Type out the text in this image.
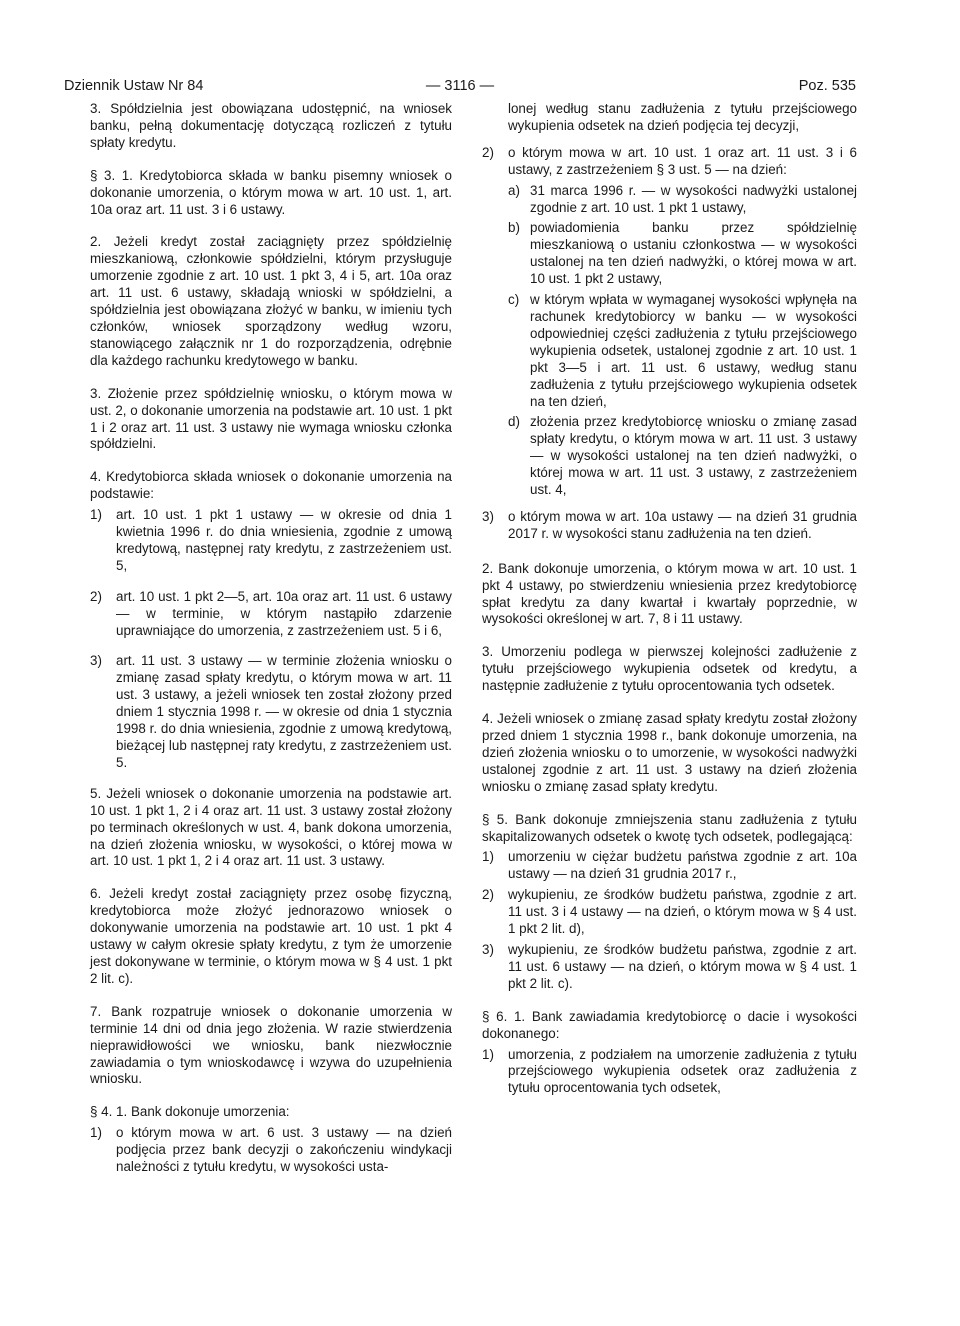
Dziennik Ustaw Nr 84	— 3116 —	Poz. 535

3. Spółdzielnia jest obowiązana udostępnić, na wniosek banku, pełną dokumentację dotyczącą rozliczeń z tytułu spłaty kredytu.

§ 3. 1. Kredytobiorca składa w banku pisemny wniosek o dokonanie umorzenia, o którym mowa w art. 10 ust. 1, art. 10a oraz art. 11 ust. 3 i 6 ustawy.

2. Jeżeli kredyt został zaciągnięty przez spółdzielnię mieszkaniową, członkowie spółdzielni, którym przysługuje umorzenie zgodnie z art. 10 ust. 1 pkt 3, 4 i 5, art. 10a oraz art. 11 ust. 6 ustawy, składają wnioski w spółdzielni, a spółdzielnia jest obowiązana złożyć w banku, w imieniu tych członków, wniosek sporządzony według wzoru, stanowiącego załącznik nr 1 do rozporządzenia, odrębnie dla każdego rachunku kredytowego w banku.

3. Złożenie przez spółdzielnię wniosku, o którym mowa w ust. 2, o dokonanie umorzenia na podstawie art. 10 ust. 1 pkt 1 i 2 oraz art. 11 ust. 3 ustawy nie wymaga wniosku członka spółdzielni.

4. Kredytobiorca składa wniosek o dokonanie umorzenia na podstawie:

1) art. 10 ust. 1 pkt 1 ustawy — w okresie od dnia 1 kwietnia 1996 r. do dnia wniesienia, zgodnie z umową kredytową, następnej raty kredytu, z zastrzeżeniem ust. 5,
2) art. 10 ust. 1 pkt 2—5, art. 10a oraz art. 11 ust. 6 ustawy — w terminie, w którym nastąpiło zdarzenie uprawniające do umorzenia, z zastrzeżeniem ust. 5 i 6,
3) art. 11 ust. 3 ustawy — w terminie złożenia wniosku o zmianę zasad spłaty kredytu, o którym mowa w art. 11 ust. 3 ustawy, a jeżeli wniosek ten został złożony przed dniem 1 stycznia 1998 r. — w okresie od dnia 1 stycznia 1998 r. do dnia wniesienia, zgodnie z umową kredytową, bieżącej lub następnej raty kredytu, z zastrzeżeniem ust. 5.

5. Jeżeli wniosek o dokonanie umorzenia na podstawie art. 10 ust. 1 pkt 1, 2 i 4 oraz art. 11 ust. 3 ustawy został złożony po terminach określonych w ust. 4, bank dokona umorzenia, na dzień złożenia wniosku, w wysokości, o której mowa w art. 10 ust. 1 pkt 1, 2 i 4 oraz art. 11 ust. 3 ustawy.

6. Jeżeli kredyt został zaciągnięty przez osobę fizyczną, kredytobiorca może złożyć jednorazowo wniosek o dokonywanie umorzenia na podstawie art. 10 ust. 1 pkt 4 ustawy w całym okresie spłaty kredytu, z tym że umorzenie jest dokonywane w terminie, o którym mowa w § 4 ust. 1 pkt 2 lit. c).

7. Bank rozpatruje wniosek o dokonanie umorzenia w terminie 14 dni od dnia jego złożenia. W razie stwierdzenia nieprawidłowości we wniosku, bank niezwłocznie zawiadamia o tym wnioskodawcę i wzywa do uzupełnienia wniosku.

§ 4. 1. Bank dokonuje umorzenia:

1) o którym mowa w art. 6 ust. 3 ustawy — na dzień podjęcia przez bank decyzji o zakończeniu windykacji należności z tytułu kredytu, w wysokości usta-
lonej według stanu zadłużenia z tytułu przejściowego wykupienia odsetek na dzień podjęcia tej decyzji,
2) o którym mowa w art. 10 ust. 1 oraz art. 11 ust. 3 i 6 ustawy, z zastrzeżeniem § 3 ust. 5 — na dzień:
a) 31 marca 1996 r. — w wysokości nadwyżki ustalonej zgodnie z art. 10 ust. 1 pkt 1 ustawy,
b) powiadomienia banku przez spółdzielnię mieszkaniową o ustaniu członkostwa — w wysokości ustalonej na ten dzień nadwyżki, o której mowa w art. 10 ust. 1 pkt 2 ustawy,
c) w którym wpłata w wymaganej wysokości wpłynęła na rachunek kredytobiorcy w banku — w wysokości odpowiedniej części zadłużenia z tytułu przejściowego wykupienia odsetek, ustalonej zgodnie z art. 10 ust. 1 pkt 3—5 i art. 11 ust. 6 ustawy, według stanu zadłużenia z tytułu przejściowego wykupienia odsetek na ten dzień,
d) złożenia przez kredytobiorcę wniosku o zmianę zasad spłaty kredytu, o którym mowa w art. 11 ust. 3 ustawy — w wysokości ustalonej na ten dzień nadwyżki, o której mowa w art. 11 ust. 3 ustawy, z zastrzeżeniem ust. 4,
3) o którym mowa w art. 10a ustawy — na dzień 31 grudnia 2017 r. w wysokości stanu zadłużenia na ten dzień.

2. Bank dokonuje umorzenia, o którym mowa w art. 10 ust. 1 pkt 4 ustawy, po stwierdzeniu wniesienia przez kredytobiorcę spłat kredytu za dany kwartał i kwartały poprzednie, w wysokości określonej w art. 7, 8 i 11 ustawy.

3. Umorzeniu podlega w pierwszej kolejności zadłużenie z tytułu przejściowego wykupienia odsetek od kredytu, a następnie zadłużenie z tytułu oprocentowania tych odsetek.

4. Jeżeli wniosek o zmianę zasad spłaty kredytu został złożony przed dniem 1 stycznia 1998 r., bank dokonuje umorzenia, na dzień złożenia wniosku o to umorzenie, w wysokości nadwyżki ustalonej zgodnie z art. 11 ust. 3 ustawy na dzień złożenia wniosku o zmianę zasad spłaty kredytu.

§ 5. Bank dokonuje zmniejszenia stanu zadłużenia z tytułu skapitalizowanych odsetek o kwotę tych odsetek, podlegającą:

1) umorzeniu w ciężar budżetu państwa zgodnie z art. 10a ustawy — na dzień 31 grudnia 2017 r.,
2) wykupieniu, ze środków budżetu państwa, zgodnie z art. 11 ust. 3 i 4 ustawy — na dzień, o którym mowa w § 4 ust. 1 pkt 2 lit. d),
3) wykupieniu, ze środków budżetu państwa, zgodnie z art. 11 ust. 6 ustawy — na dzień, o którym mowa w § 4 ust. 1 pkt 2 lit. c).

§ 6. 1. Bank zawiadamia kredytobiorcę o dacie i wysokości dokonanego:

1) umorzenia, z podziałem na umorzenie zadłużenia z tytułu przejściowego wykupienia odsetek oraz zadłużenia z tytułu oprocentowania tych odsetek,
